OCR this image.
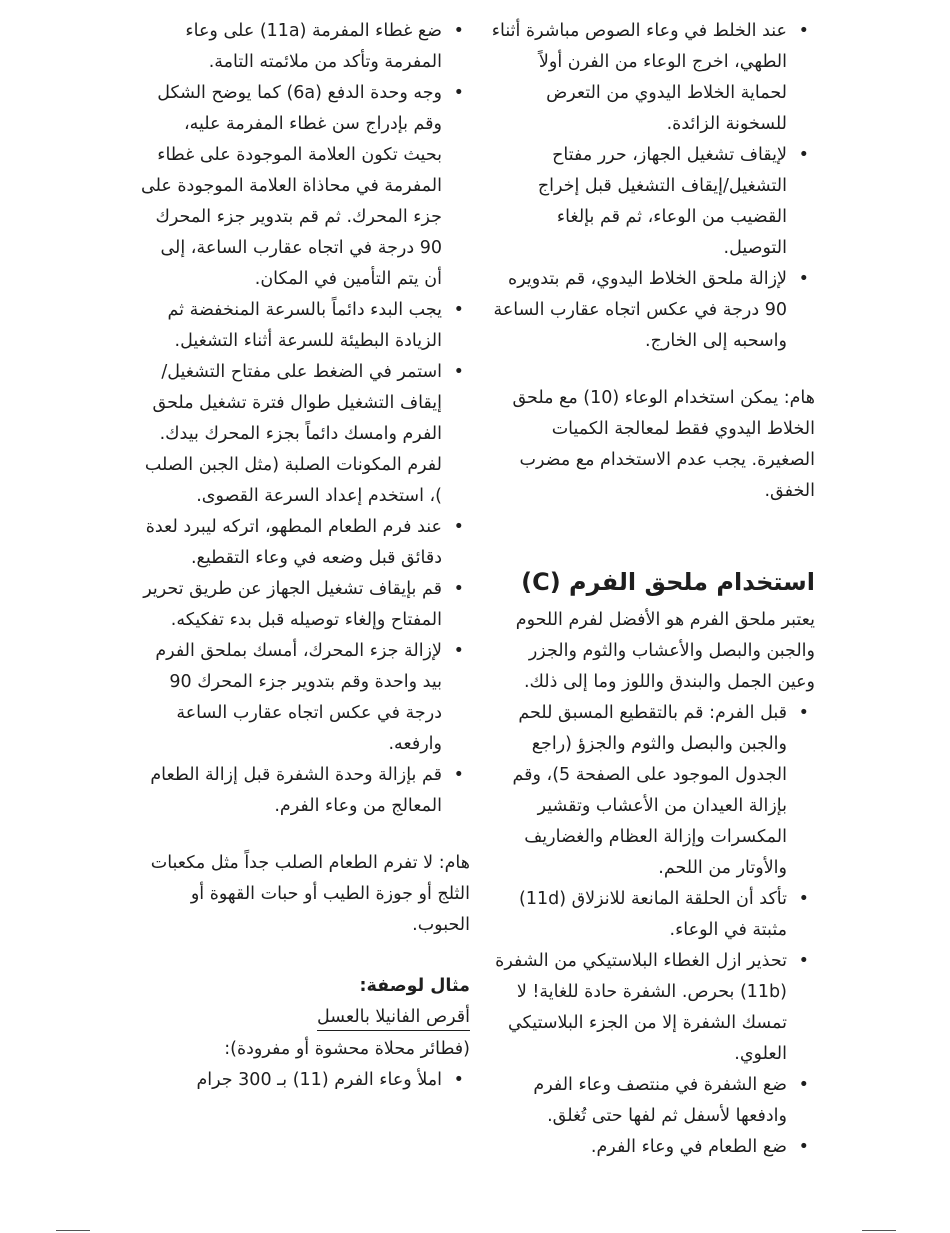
• عند الخلط في وعاء الصوص مباشرة أثناء الطهي، اخرج الوعاء من الفرن أولاً لحماية الخلاط اليدوي من التعرض للسخونة الزائدة.
• لإيقاف تشغيل الجهاز، حرر مفتاح التشغيل/إيقاف التشغيل قبل إخراج القضيب من الوعاء، ثم قم بإلغاء التوصيل.
• لإزالة ملحق الخلاط اليدوي، قم بتدويره 90 درجة في عكس اتجاه عقارب الساعة واسحبه إلى الخارج.

هام: يمكن استخدام الوعاء (10) مع ملحق الخلاط اليدوي فقط لمعالجة الكميات الصغيرة. يجب عدم الاستخدام مع مضرب الخفق.

استخدام ملحق الفرم (C)

يعتبر ملحق الفرم هو الأفضل لفرم اللحوم والجبن والبصل والأعشاب والثوم والجزر وعين الجمل والبندق واللوز وما إلى ذلك.

• قبل الفرم: قم بالتقطيع المسبق للحم والجبن والبصل والثوم والجزؤ (راجع الجدول الموجود على الصفحة 5)، وقم بإزالة العيدان من الأعشاب وتقشير المكسرات وإزالة العظام والغضاريف والأوتار من اللحم.
• تأكد أن الحلقة المانعة للانزلاق (11d) مثبتة في الوعاء.
• تحذير ازل الغطاء البلاستيكي من الشفرة (11b) بحرص. الشفرة حادة للغاية! لا تمسك الشفرة إلا من الجزء البلاستيكي العلوي.
• ضع الشفرة في منتصف وعاء الفرم وادفعها لأسفل ثم لفها حتى تُغلق.
• ضع الطعام في وعاء الفرم.
• ضع غطاء المفرمة (11a) على وعاء المفرمة وتأكد من ملائمته التامة.
• وجه وحدة الدفع (6a) كما يوضح الشكل وقم بإدراج سن غطاء المفرمة عليه، بحيث تكون العلامة الموجودة على غطاء المفرمة في محاذاة العلامة الموجودة على جزء المحرك. ثم قم بتدوير جزء المحرك 90 درجة في اتجاه عقارب الساعة، إلى أن يتم التأمين في المكان.
• يجب البدء دائماً بالسرعة المنخفضة ثم الزيادة البطيئة للسرعة أثناء التشغيل.
• استمر في الضغط على مفتاح التشغيل/إيقاف التشغيل طوال فترة تشغيل ملحق الفرم وامسك دائماً بجزء المحرك بيدك. لفرم المكونات الصلبة (مثل الجبن الصلب )، استخدم إعداد السرعة القصوى.
• عند فرم الطعام المطهو، اتركه ليبرد لعدة دقائق قبل وضعه في وعاء التقطيع.
• قم بإيقاف تشغيل الجهاز عن طريق تحرير المفتاح وإلغاء توصيله قبل بدء تفكيكه.
• لإزالة جزء المحرك، أمسك بملحق الفرم بيد واحدة وقم بتدوير جزء المحرك 90 درجة في عكس اتجاه عقارب الساعة وارفعه.
• قم بإزالة وحدة الشفرة قبل إزالة الطعام المعالج من وعاء الفرم.

هام: لا تفرم الطعام الصلب جداً مثل مكعبات الثلج أو جوزة الطيب أو حبات القهوة أو الحبوب.

مثال لوصفة:

أقرص الفانيلا بالعسل

(فطائر محلاة محشوة أو مفرودة):

• املأ وعاء الفرم (11) بـ 300 جرام
